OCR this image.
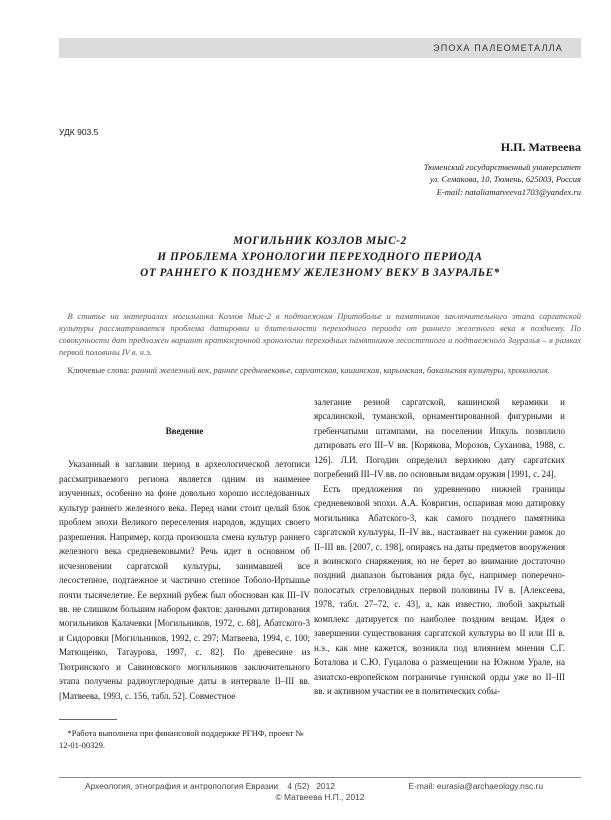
ЭПОХА ПАЛЕОМЕТАЛЛА
УДК 903.5
Н.П. Матвеева
Тюменский государственный университет
ул. Семакова, 10, Тюмень, 625003, Россия
E-mail: nataliamatveeva1703@yandex.ru
МОГИЛЬНИК КОЗЛОВ МЫС-2
И ПРОБЛЕМА ХРОНОЛОГИИ ПЕРЕХОДНОГО ПЕРИОДА
ОТ РАННЕГО К ПОЗДНЕМУ ЖЕЛЕЗНОМУ ВЕКУ В ЗАУРАЛЬЕ*
В статье на материалах могильника Козлов Мыс-2 в подтаежном Притоболье и памятников заключительного этапа саргатской культуры рассматривается проблема датировки и длительности переходного периода от раннего железного века к позднему. По совокупности дат предложен вариант краткосрочной хронологии переходных памятников лесостепного и подтаежного Зауралья – в рамках первой половины IV в. н.э.
Ключевые слова: ранний железный век, раннее средневековье, саргатская, кашинская, карымская, бакальская культуры, хронология.
Введение

Указанный в заглавии период в археологической летописи рассматриваемого региона является одним из наименее изученных, особенно на фоне довольно хорошо исследованных культур раннего железного века. Перед нами стоит целый блок проблем эпохи Великого переселения народов, ждущих своего разрешения. Например, когда произошла смена культур раннего железного века средневековыми? Речь идет в основном об исчезновении саргатской культуры, занимавшей все лесостепное, подтаежное и частично степное Тоболо-Иртышье почти тысячелетие. Ее верхний рубеж был обоснован как III–IV вв. не слишком большим набором фактов: данными датирования могильников Калачевки [Могильников, 1972, с. 68], Абатского-3 и Сидоровки [Могильников, 1992, с. 297; Матвеева, 1994, с. 100; Матющенко, Татаурова, 1997, с. 82]. По древесине из Тютринского и Савиновского могильников заключительного этапа получены радиоуглеродные даты в интервале II–III вв. [Матвеева, 1993, с. 156, табл. 52]. Совместное

*Работа выполнена при финансовой поддержке РГНФ, проект № 12-01-00329.

залегание резной саргатской, кашинской керамики и ярсалинской, туманской, орнаментированной фигурными и гребенчатыми штампами, на поселении Ипкуль позволило датировать его III–V вв. [Корякова, Морозов, Суханова, 1988, с. 126]. Л.И. Погодин определил верхнюю дату саргатских погребений III–IV вв. по основным видам оружия [1991, с. 24].

Есть предложения по удревнению нижней границы средневековой эпохи. А.А. Ковригин, оспаривая мою датировку могильника Абатского-3, как самого позднего памятника саргатской культуры, II–IV вв., настаивает на сужении рамок до II–III вв. [2007, с. 198], опираясь на даты предметов вооружения и воинского снаряжения, но не берет во внимание достаточно поздний диапазон бытования ряда бус, например поперечно-полосатых стреловидных первой половины IV в. [Алексеева, 1978, табл. 27–72, с. 43], а, как известно, любой закрытый комплекс датируется по наиболее поздним вещам. Идея о завершении существования саргатской культуры во II или III в. н.э., как мне кажется, возникла под влиянием мнения С.Г. Боталова и С.Ю. Гуцалова о размещении на Южном Урале, на азиатско-европейском пограничье гуннской орды уже во II–III вв. и активном участии ее в политических собы-

Археология, этнография и антропология Евразии 4 (52) 2012	E-mail: eurasia@archaeology.nsc.ru
© Матвеева Н.П., 2012
